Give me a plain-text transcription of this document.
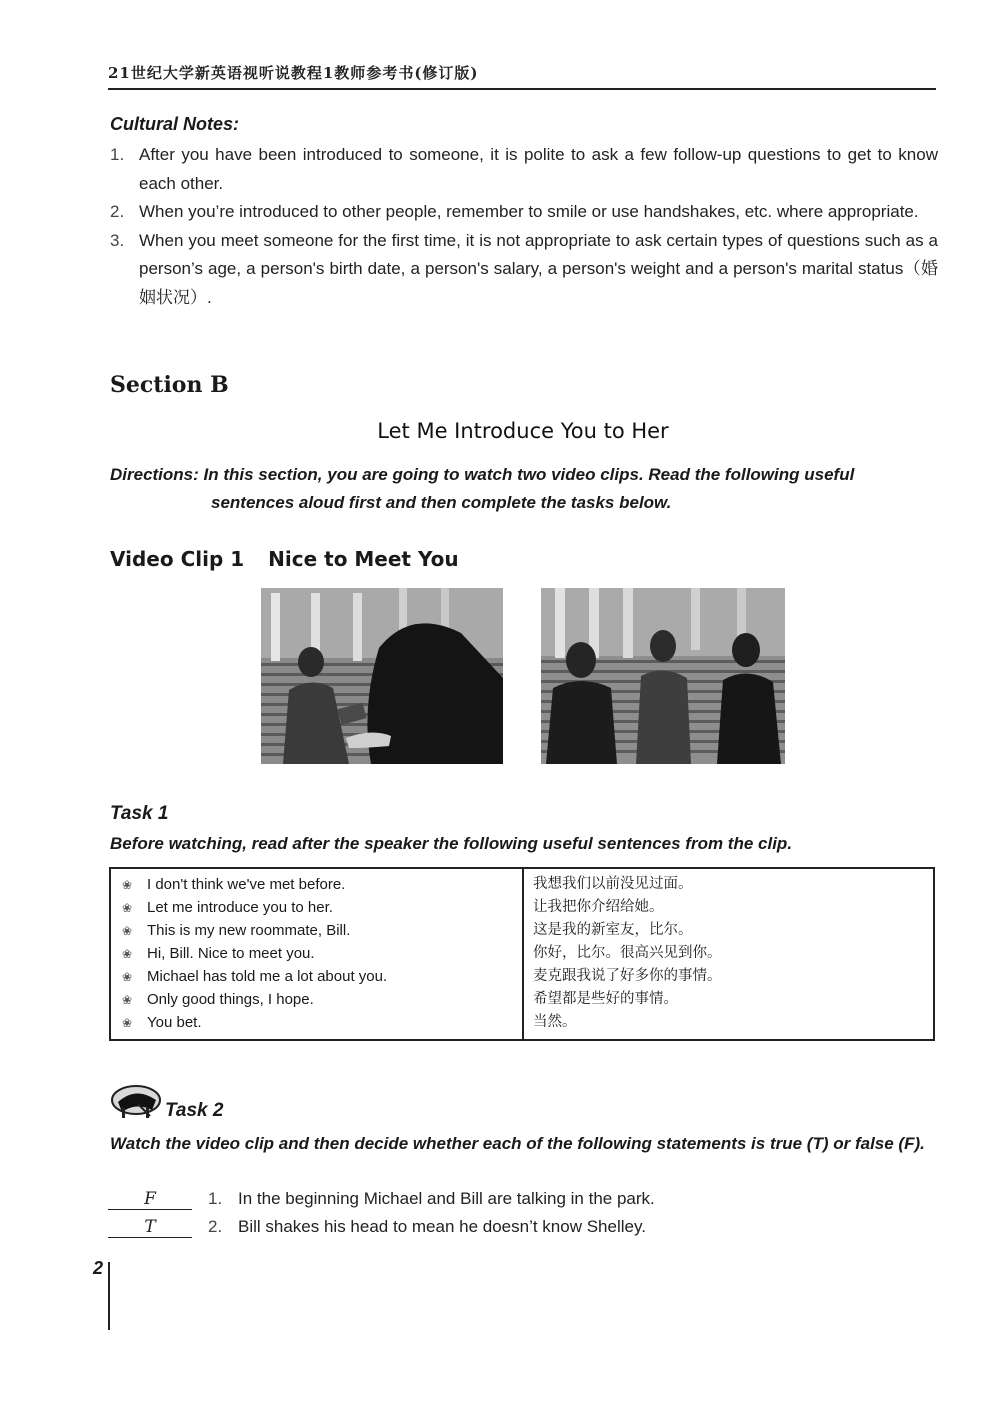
21世纪大学新英语视听说教程1教师参考书(修订版)
Cultural Notes:
1. After you have been introduced to someone, it is polite to ask a few follow-up questions to get to know each other.
2. When you’re introduced to other people, remember to smile or use handshakes, etc. where appropriate.
3. When you meet someone for the first time, it is not appropriate to ask certain types of questions such as a person’s age, a person's birth date, a person's salary, a person's weight and a person's marital status（婚姻状况）.
Section B
Let Me Introduce You to Her
Directions: In this section, you are going to watch two video clips. Read the following useful
sentences aloud first and then complete the tasks below.
Video Clip 1 Nice to Meet You
Task 1
Before watching, read after the speaker the following useful sentences from the clip.
❀ I don't think we've met before.
❀ Let me introduce you to her.
❀ This is my new roommate, Bill.
❀ Hi, Bill. Nice to meet you.
❀ Michael has told me a lot about you.
❀ Only good things, I hope.
❀ You bet.
我想我们以前没见过面。
让我把你介绍给她。
这是我的新室友，比尔。
你好，比尔。很高兴见到你。
麦克跟我说了好多你的事情。
希望都是些好的事情。
当然。
Task 2
Watch the video clip and then decide whether each of the following statements is true (T) or false (F).
F	1. In the beginning Michael and Bill are talking in the park.
T	2. Bill shakes his head to mean he doesn’t know Shelley.
2
